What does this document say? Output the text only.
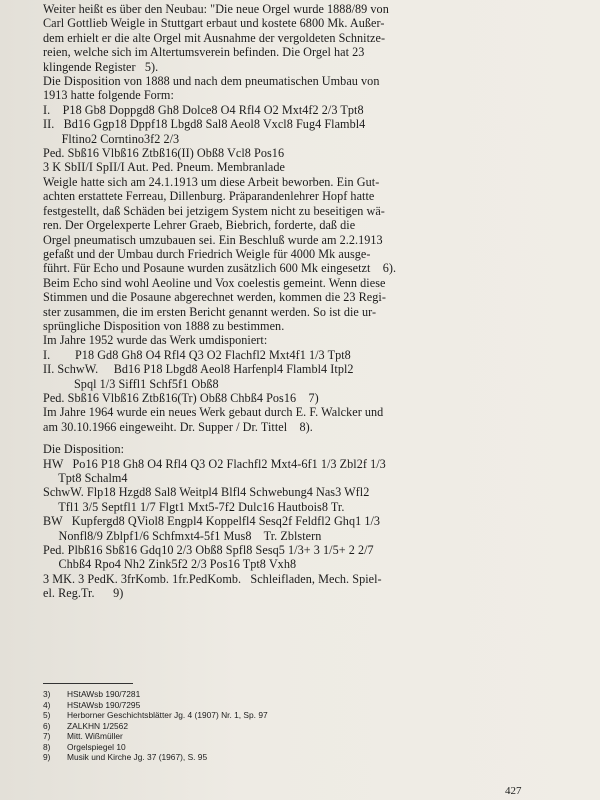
Weiter heißt es über den Neubau: "Die neue Orgel wurde 1888/89 von
Carl Gottlieb Weigle in Stuttgart erbaut und kostete 6800 Mk. Außer-
dem erhielt er die alte Orgel mit Ausnahme der vergoldeten Schnitze-
reien, welche sich im Altertumsverein befinden. Die Orgel hat 23
klingende Register   5).
Die Disposition von 1888 und nach dem pneumatischen Umbau von
1913 hatte folgende Form:
I.    P18 Gb8 Doppgd8 Gh8 Dolce8 O4 Rfl4 O2 Mxt4f2 2/3 Tpt8
II.   Bd16 Ggp18 Dppf18 Lbgd8 Sal8 Aeol8 Vxcl8 Fug4 Flambl4
Fltino2 Corntino3f2 2/3
Ped. Sbß16 Vlbß16 Ztbß16(II) Obß8 Vcl8 Pos16
3 K SbII/I SpII/I Aut. Ped. Pneum. Membranlade
Weigle hatte sich am 24.1.1913 um diese Arbeit beworben. Ein Gut-
achten erstattete Ferreau, Dillenburg. Präparandenlehrer Hopf hatte
festgestellt, daß Schäden bei jetzigem System nicht zu beseitigen wä-
ren. Der Orgelexperte Lehrer Graeb, Biebrich, forderte, daß die
Orgel pneumatisch umzubauen sei. Ein Beschluß wurde am 2.2.1913
gefaßt und der Umbau durch Friedrich Weigle für 4000 Mk ausge-
führt. Für Echo und Posaune wurden zusätzlich 600 Mk eingesetzt    6).
Beim Echo sind wohl Aeoline und Vox coelestis gemeint. Wenn diese
Stimmen und die Posaune abgerechnet werden, kommen die 23 Regi-
ster zusammen, die im ersten Bericht genannt werden. So ist die ur-
sprüngliche Disposition von 1888 zu bestimmen.
Im Jahre 1952 wurde das Werk umdisponiert:
I.        P18 Gd8 Gh8 O4 Rfl4 Q3 O2 Flachfl2 Mxt4f1 1/3 Tpt8
II. SchwW.     Bd16 P18 Lbgd8 Aeol8 Harfenpl4 Flambl4 Itpl2
Spql 1/3 Siffl1 Schf5f1 Obß8
Ped. Sbß16 Vlbß16 Ztbß16(Tr) Obß8 Chbß4 Pos16    7)
Im Jahre 1964 wurde ein neues Werk gebaut durch E. F. Walcker und
am 30.10.1966 eingeweiht. Dr. Supper / Dr. Tittel    8).
Die Disposition:
HW   Po16 P18 Gh8 O4 Rfl4 Q3 O2 Flachfl2 Mxt4-6f1 1/3 Zbl2f 1/3
Tpt8 Schalm4
SchwW. Flp18 Hzgd8 Sal8 Weitpl4 Blfl4 Schwebung4 Nas3 Wfl2
Tfl1 3/5 Septfl1 1/7 Flgt1 Mxt5-7f2 Dulc16 Hautbois8 Tr.
BW   Kupfergd8 QViol8 Engpl4 Koppelfl4 Sesq2f Feldfl2 Ghq1 1/3
Nonfl8/9 Zblpf1/6 Schfmxt4-5f1 Mus8    Tr. Zblstern
Ped. Plbß16 Sbß16 Gdq10 2/3 Obß8 Spfl8 Sesq5 1/3+ 3 1/5+ 2 2/7
Chbß4 Rpo4 Nh2 Zink5f2 2/3 Pos16 Tpt8 Vxh8
3 MK. 3 PedK. 3frKomb. 1fr.PedKomb.   Schleifladen, Mech. Spiel-
el. Reg.Tr.      9)
3) HStAWsb 190/7281
4) HStAWsb 190/7295
5) Herborner Geschichtsblätter Jg. 4 (1907) Nr. 1, Sp. 97
6) ZALKHN 1/2562
7) Mitt. Wißmüller
8) Orgelspiegel 10
9) Musik und Kirche Jg. 37 (1967), S. 95
427
